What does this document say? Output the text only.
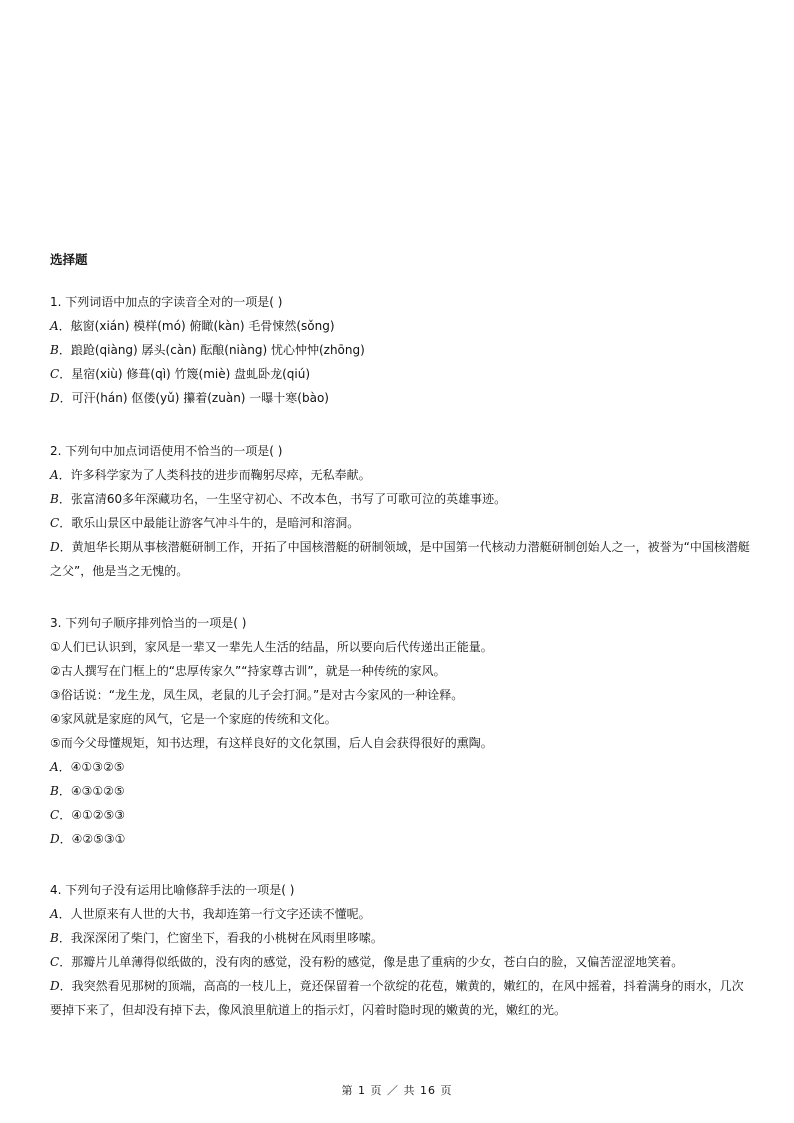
选择题
1. 下列词语中加点的字读音全对的一项是( )
A．舷窗(xián) 模样(mó) 俯瞰(kàn) 毛骨悚然(sǒng)
B．踉跄(qiàng) 孱头(càn) 酝酿(niàng) 忧心忡忡(zhōng)
C．星宿(xiù) 修葺(qì) 竹篾(miè) 盘虬卧龙(qiú)
D．可汗(hán) 伛偻(yǔ) 攥着(zuàn) 一曝十寒(bào)
2. 下列句中加点词语使用不恰当的一项是( )
A．许多科学家为了人类科技的进步而鞠躬尽瘁，无私奉献。
B．张富清60多年深藏功名，一生坚守初心、不改本色，书写了可歌可泣的英雄事迹。
C．歌乐山景区中最能让游客气冲斗牛的，是暗河和溶洞。
D．黄旭华长期从事核潜艇研制工作，开拓了中国核潜艇的研制领域，是中国第一代核动力潜艇研制创始人之一，被誉为“中国核潜艇之父”，他是当之无愧的。
3. 下列句子顺序排列恰当的一项是( )
①人们已认识到，家风是一辈又一辈先人生活的结晶，所以要向后代传递出正能量。
②古人撰写在门框上的“忠厚传家久”“持家尊古训”，就是一种传统的家风。
③俗话说：“龙生龙，凤生凤，老鼠的儿子会打洞。”是对古今家风的一种诠释。
④家风就是家庭的风气，它是一个家庭的传统和文化。
⑤而今父母懂规矩，知书达理，有这样良好的文化氛围，后人自会获得很好的熏陶。
A．④①③②⑤
B．④③①②⑤
C．④①②⑤③
D．④②⑤③①
4. 下列句子没有运用比喻修辞手法的一项是( )
A．人世原来有人世的大书，我却连第一行文字还读不懂呢。
B．我深深闭了柴门，伫窗坐下，看我的小桃树在风雨里哆嗦。
C．那瓣片儿单薄得似纸做的，没有肉的感觉，没有粉的感觉，像是患了重病的少女，苍白白的脸，又偏苦涩涩地笑着。
D．我突然看见那树的顶端，高高的一枝儿上，竟还保留着一个欲绽的花苞，嫩黄的，嫩红的，在风中摇着，抖着满身的雨水，几次要掉下来了，但却没有掉下去，像风浪里航道上的指示灯，闪着时隐时现的嫩黄的光，嫩红的光。
第 1 页 ／ 共 16 页
